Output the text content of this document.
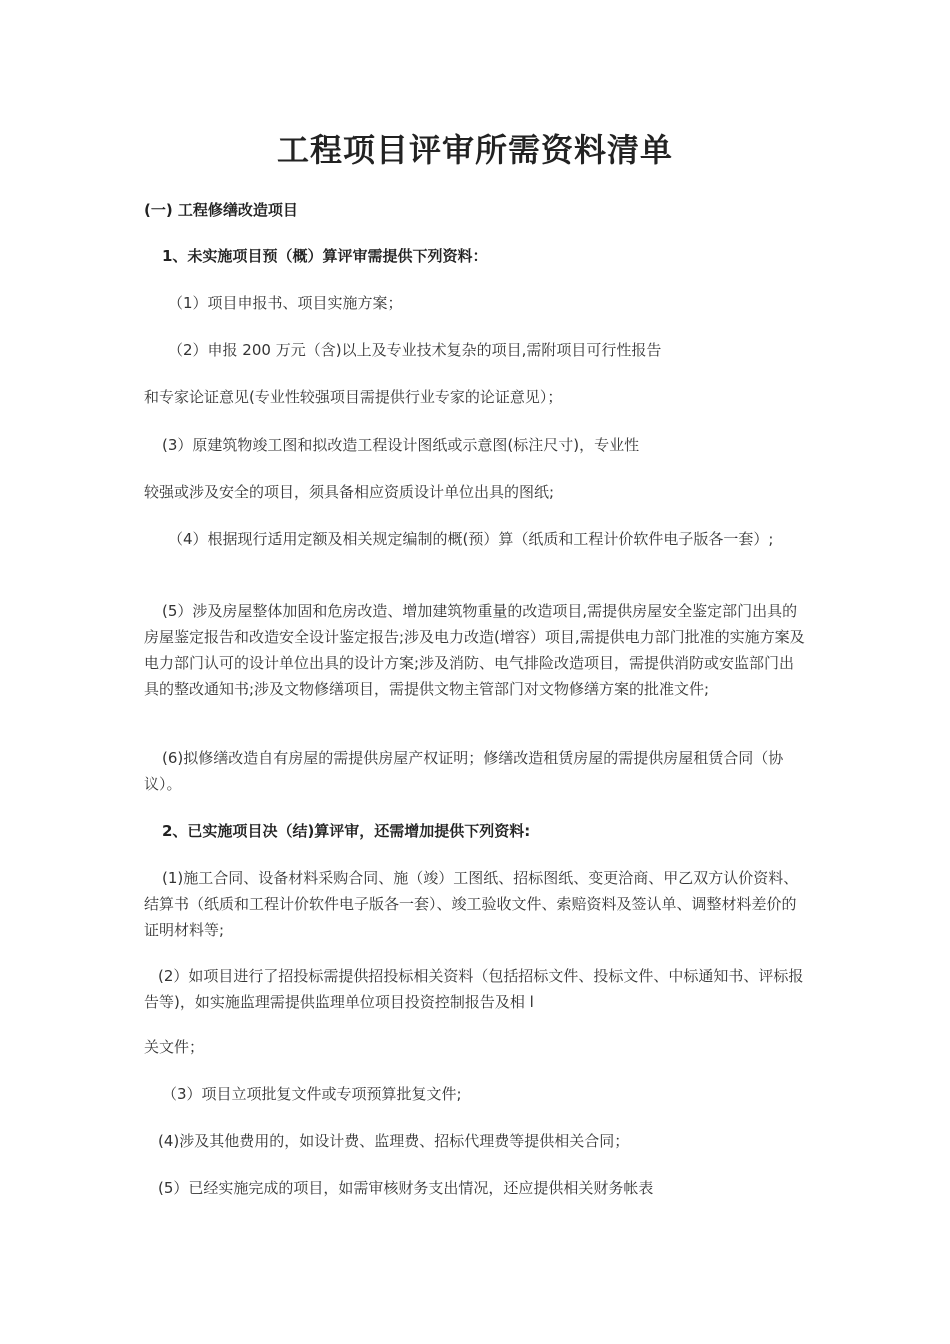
工程项目评审所需资料清单

(一) 工程修缮改造项目

1、未实施项目预（概）算评审需提供下列资料：

（1）项目申报书、项目实施方案；

（2）申报 200 万元（含)以上及专业技术复杂的项目,需附项目可行性报告

和专家论证意见(专业性较强项目需提供行业专家的论证意见）；

(3）原建筑物竣工图和拟改造工程设计图纸或示意图(标注尺寸)，专业性

较强或涉及安全的项目，须具备相应资质设计单位出具的图纸;

（4）根据现行适用定额及相关规定编制的概(预）算（纸质和工程计价软件电子版各一套）;

(5）涉及房屋整体加固和危房改造、增加建筑物重量的改造项目,需提供房屋安全鉴定部门出具的房屋鉴定报告和改造安全设计鉴定报告;涉及电力改造(增容）项目,需提供电力部门批准的实施方案及电力部门认可的设计单位出具的设计方案;涉及消防、电气排险改造项目，需提供消防或安监部门出具的整改通知书;涉及文物修缮项目，需提供文物主管部门对文物修缮方案的批准文件;

(6)拟修缮改造自有房屋的需提供房屋产权证明；修缮改造租赁房屋的需提供房屋租赁合同（协议）。

2、已实施项目决（结)算评审，还需增加提供下列资料:

(1)施工合同、设备材料采购合同、施（竣）工图纸、招标图纸、变更洽商、甲乙双方认价资料、结算书（纸质和工程计价软件电子版各一套）、竣工验收文件、索赔资料及签认单、调整材料差价的证明材料等;

(2）如项目进行了招投标需提供招投标相关资料（包括招标文件、投标文件、中标通知书、评标报告等)，如实施监理需提供监理单位项目投资控制报告及相 l

关文件；

（3）项目立项批复文件或专项预算批复文件;

(4)涉及其他费用的，如设计费、监理费、招标代理费等提供相关合同；

(5）已经实施完成的项目，如需审核财务支出情况，还应提供相关财务帐表
